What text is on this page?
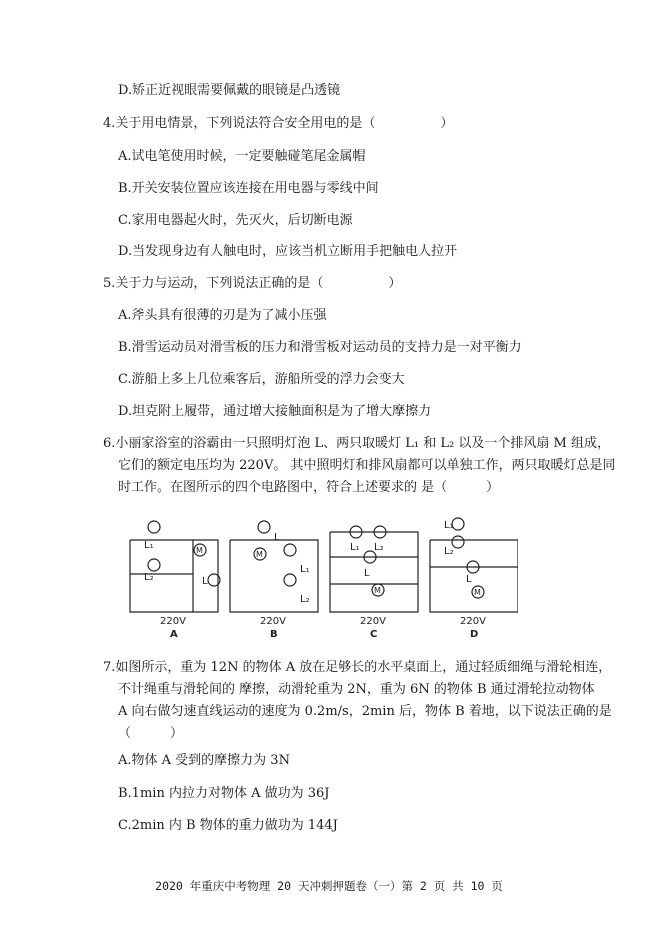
D.矫正近视眼需要佩戴的眼镜是凸透镜
4.关于用电情景，下列说法符合安全用电的是（　　　　　）
A.试电笔使用时候，一定要触碰笔尾金属帽
B.开关安装位置应该连接在用电器与零线中间
C.家用电器起火时，先灭火，后切断电源
D.当发现身边有人触电时，应该当机立断用手把触电人拉开
5.关于力与运动，下列说法正确的是（　　　　　）
A.斧头具有很薄的刃是为了减小压强
B.滑雪运动员对滑雪板的压力和滑雪板对运动员的支持力是一对平衡力
C.游船上多上几位乘客后，游船所受的浮力会变大
D.坦克附上履带，通过增大接触面积是为了增大摩擦力
6.小丽家浴室的浴霸由一只照明灯泡 L、两只取暖灯 L₁ 和 L₂ 以及一个排风扇 M 组成，
它们的额定电压均为 220V。 其中照明灯和排风扇都可以单独工作，两只取暖灯总是同
时工作。在图所示的四个电路图中，符合上述要求的 是（　　　）
220V	220V	220V	220V
A	B	C	D
L₁
L₂
M
L
L
M
L₁
L₂
L₁ L₂
L
M
L₁
L₂
L
M
7.如图所示，重为 12N 的物体 A 放在足够长的水平桌面上，通过轻质细绳与滑轮相连，
不计绳重与滑轮间的 摩擦，动滑轮重为 2N，重为 6N 的物体 B 通过滑轮拉动物体
A 向右做匀速直线运动的速度为 0.2m/s，2min 后，物体 B 着地，以下说法正确的是
（　　　）
A.物体 A 受到的摩擦力为 3N
B.1min 内拉力对物体 A 做功为 36J
C.2min 内 B 物体的重力做功为 144J
2020 年重庆中考物理 20 天冲刺押题卷（一）第 2 页 共 10 页
